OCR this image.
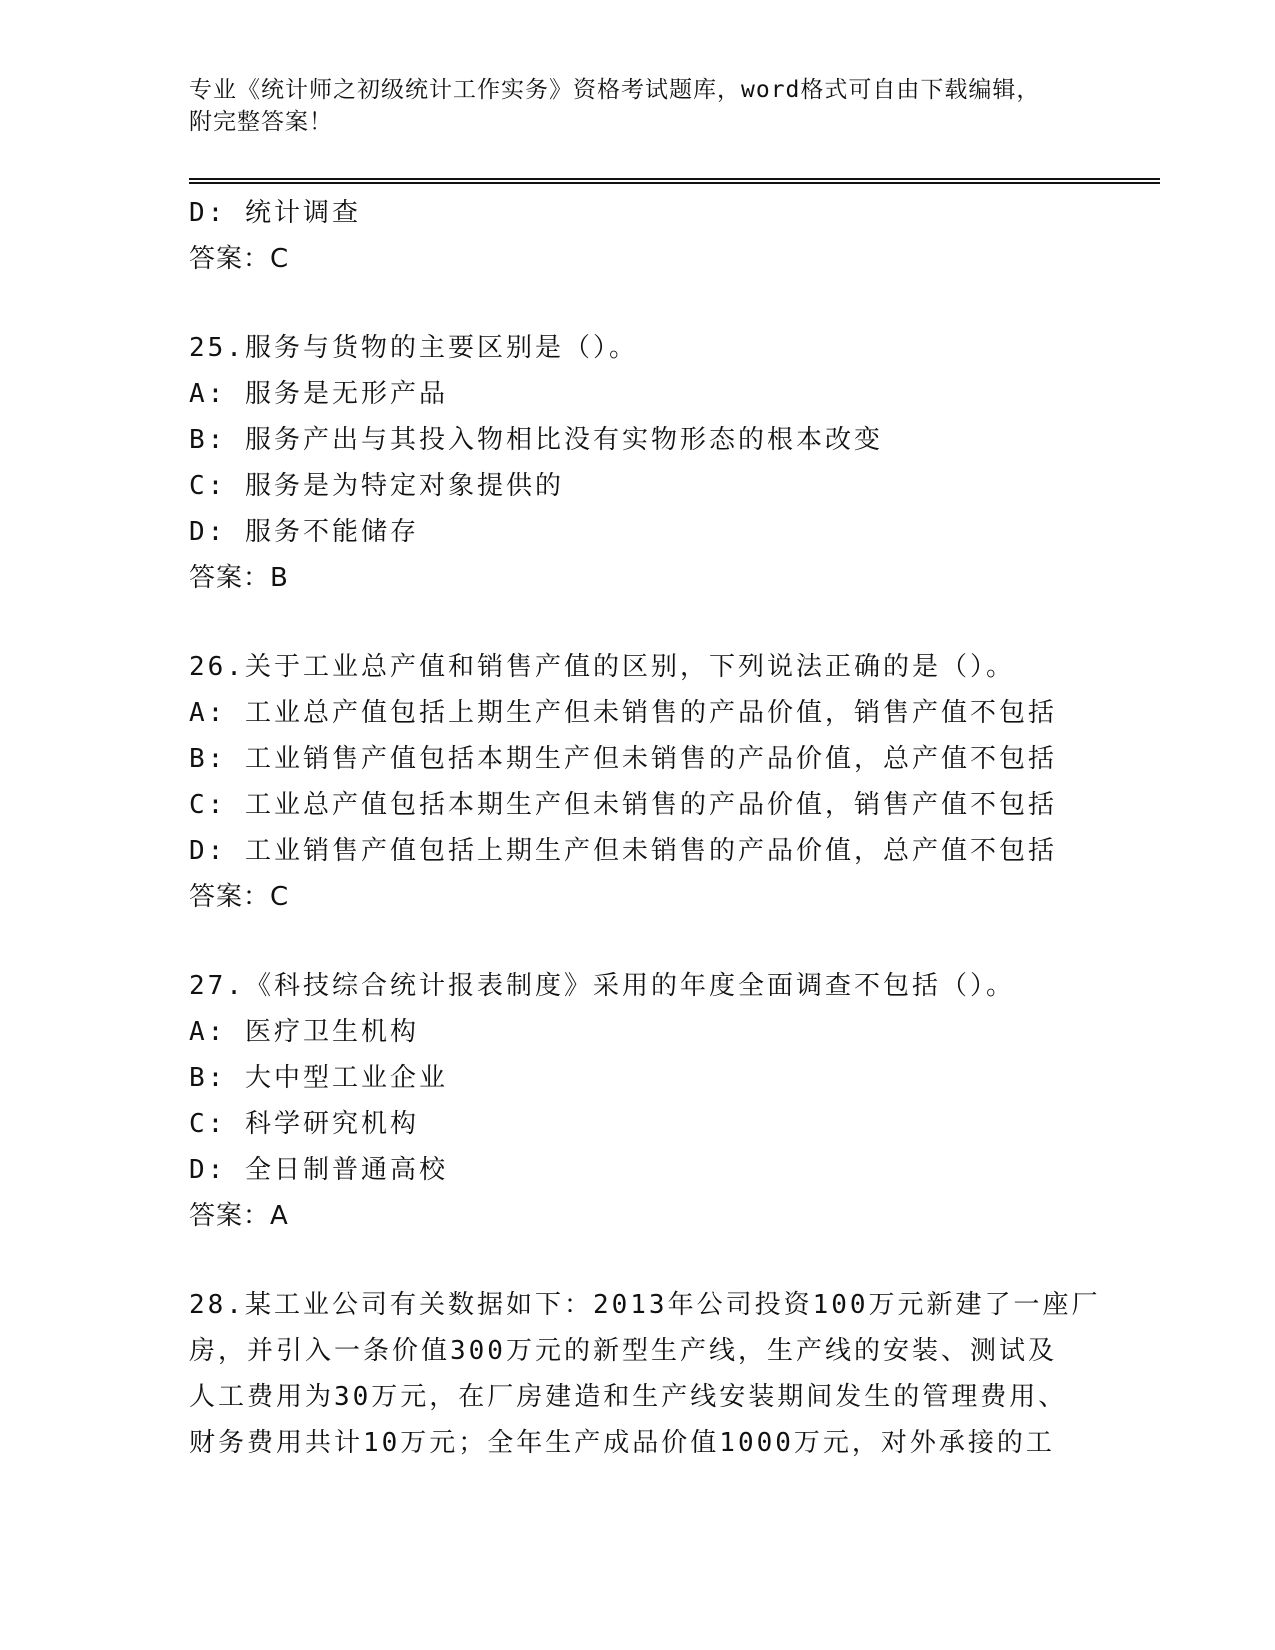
专业《统计师之初级统计工作实务》资格考试题库，word格式可自由下载编辑，
附完整答案！
D: 统计调查
答案：C
25.服务与货物的主要区别是（）。
A: 服务是无形产品
B: 服务产出与其投入物相比没有实物形态的根本改变
C: 服务是为特定对象提供的
D: 服务不能储存
答案：B
26.关于工业总产值和销售产值的区别，下列说法正确的是（）。
A: 工业总产值包括上期生产但未销售的产品价值，销售产值不包括
B: 工业销售产值包括本期生产但未销售的产品价值，总产值不包括
C: 工业总产值包括本期生产但未销售的产品价值，销售产值不包括
D: 工业销售产值包括上期生产但未销售的产品价值，总产值不包括
答案：C
27.《科技综合统计报表制度》采用的年度全面调查不包括（）。
A: 医疗卫生机构
B: 大中型工业企业
C: 科学研究机构
D: 全日制普通高校
答案：A
28.某工业公司有关数据如下：2013年公司投资100万元新建了一座厂
房，并引入一条价值300万元的新型生产线，生产线的安装、测试及
人工费用为30万元，在厂房建造和生产线安装期间发生的管理费用、
财务费用共计10万元；全年生产成品价值1000万元，对外承接的工
